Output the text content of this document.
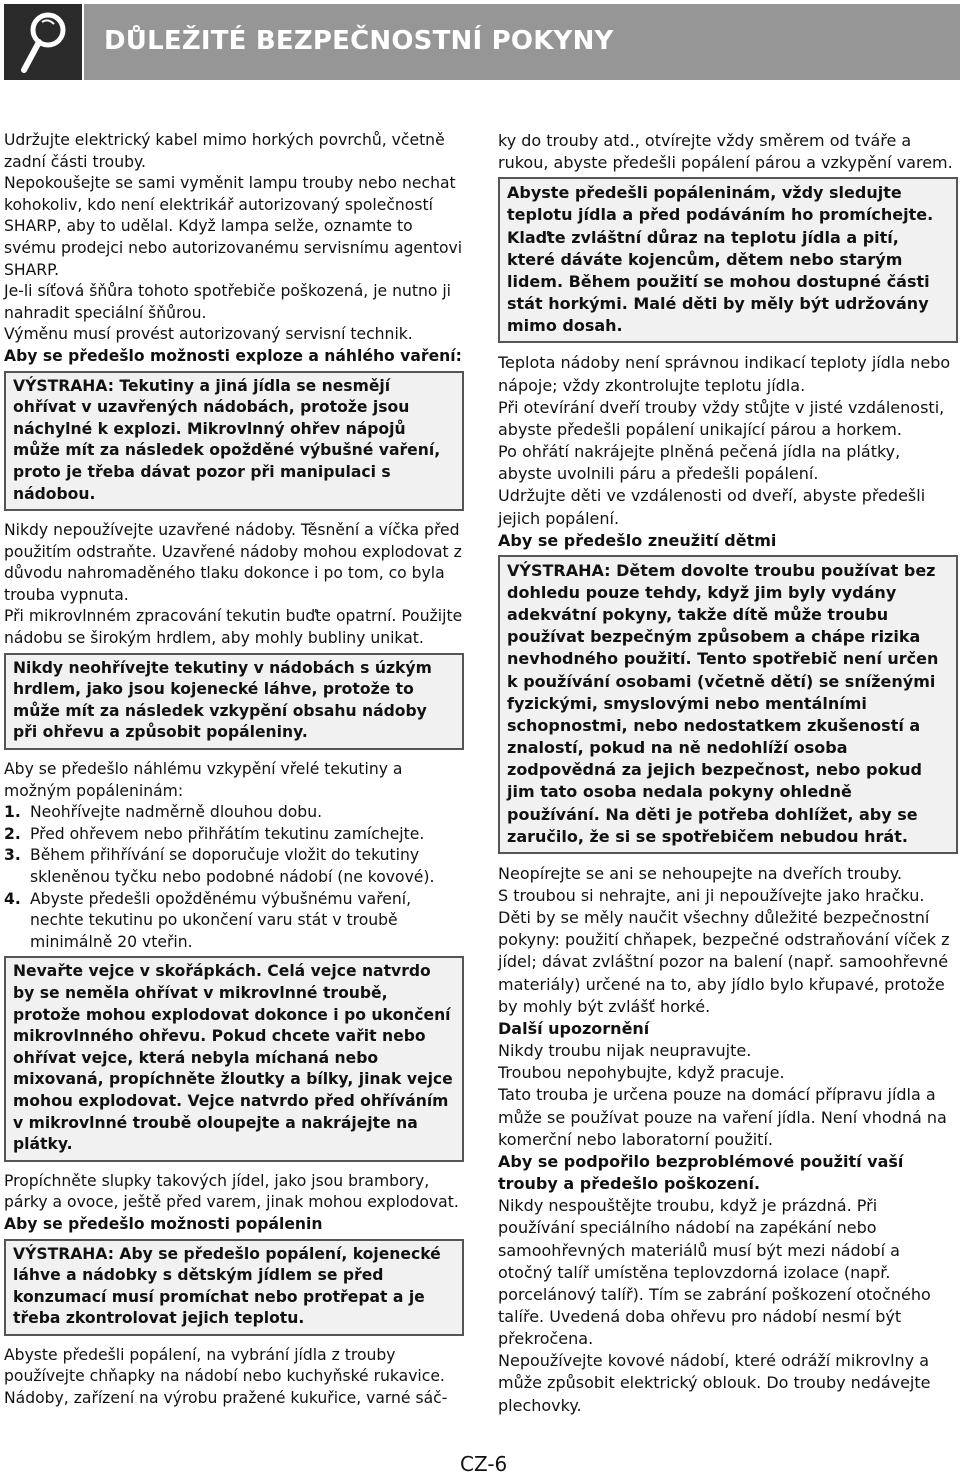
DŮLEŽITÉ BEZPEČNOSTNÍ POKYNY

Udržujte elektrický kabel mimo horkých povrchů, včetně zadní části trouby.

Nepokoušejte se sami vyměnit lampu trouby nebo nechat kohokoliv, kdo není elektrikář autorizovaný společností SHARP, aby to udělal. Když lampa selže, oznamte to svému prodejci nebo autorizovanému servisnímu agentovi SHARP.

Je-li síťová šňůra tohoto spotřebiče poškozená, je nutno ji nahradit speciální šňůrou.

Výměnu musí provést autorizovaný servisní technik.

Aby se předešlo možnosti exploze a náhlého vaření:

VÝSTRAHA: Tekutiny a jiná jídla se nesmějí ohřívat v uzavřených nádobách, protože jsou náchylné k explozi. Mikrovlnný ohřev nápojů může mít za následek opožděné výbušné vaření, proto je třeba dávat pozor při manipulaci s nádobou.

Nikdy nepoužívejte uzavřené nádoby. Těsnění a víčka před použitím odstraňte. Uzavřené nádoby mohou explodovat z důvodu nahromaděného tlaku dokonce i po tom, co byla trouba vypnuta.

Při mikrovlnném zpracování tekutin buďte opatrní. Použijte nádobu se širokým hrdlem, aby mohly bubliny unikat.

Nikdy neohřívejte tekutiny v nádobách s úzkým hrdlem, jako jsou kojenecké láhve, protože to může mít za následek vzkypění obsahu nádoby při ohřevu a způsobit popáleniny.

Aby se předešlo náhlému vzkypění vřelé tekutiny a možným popáleninám:

1. Neohřívejte nadměrně dlouhou dobu.
2. Před ohřevem nebo přihřátím tekutinu zamíchejte.
3. Během přihřívání se doporučuje vložit do tekutiny skleněnou tyčku nebo podobné nádobí (ne kovové).
4. Abyste předešli opožděnému výbušnému vaření, nechte tekutinu po ukončení varu stát v troubě minimálně 20 vteřin.
Nevařte vejce v skořápkách. Celá vejce natvrdo by se neměla ohřívat v mikrovlnné troubě, protože mohou explodovat dokonce i po ukončení mikrovlnného ohřevu. Pokud chcete vařit nebo ohřívat vejce, která nebyla míchaná nebo mixovaná, propíchněte žloutky a bílky, jinak vejce mohou explodovat. Vejce natvrdo před ohříváním v mikrovlnné troubě oloupejte a nakrájejte na plátky.

Propíchněte slupky takových jídel, jako jsou brambory, párky a ovoce, ještě před varem, jinak mohou explodovat.

Aby se předešlo možnosti popálenin

VÝSTRAHA: Aby se předešlo popálení, kojenecké láhve a nádobky s dětským jídlem se před konzumací musí promíchat nebo protřepat a je třeba zkontrolovat jejich teplotu.

Abyste předešli popálení, na vybrání jídla z trouby používejte chňapky na nádobí nebo kuchyňské rukavice. Nádoby, zařízení na výrobu pražené kukuřice, varné sáč-

ky do trouby atd., otvírejte vždy směrem od tváře a rukou, abyste předešli popálení párou a vzkypění varem.

Abyste předešli popáleninám, vždy sledujte teplotu jídla a před podáváním ho promíchejte. Klaďte zvláštní důraz na teplotu jídla a pití, které dáváte kojencům, dětem nebo starým lidem. Během použití se mohou dostupné části stát horkými. Malé děti by měly být udržovány mimo dosah.

Teplota nádoby není správnou indikací teploty jídla nebo nápoje; vždy zkontrolujte teplotu jídla.

Při otevírání dveří trouby vždy stůjte v jisté vzdálenosti, abyste předešli popálení unikající párou a horkem.

Po ohřátí nakrájejte plněná pečená jídla na plátky, abyste uvolnili páru a předešli popálení.

Udržujte děti ve vzdálenosti od dveří, abyste předešli jejich popálení.

Aby se předešlo zneužití dětmi

VÝSTRAHA: Dětem dovolte troubu používat bez dohledu pouze tehdy, když jim byly vydány adekvátní pokyny, takže dítě může troubu používat bezpečným způsobem a chápe rizika nevhodného použití. Tento spotřebič není určen k používání osobami (včetně dětí) se sníženými fyzickými, smyslovými nebo mentálními schopnostmi, nebo nedostatkem zkušeností a znalostí, pokud na ně nedohlíží osoba zodpovědná za jejich bezpečnost, nebo pokud jim tato osoba nedala pokyny ohledně používání. Na děti je potřeba dohlížet, aby se zaručilo, že si se spotřebičem nebudou hrát.

Neopírejte se ani se nehoupejte na dveřích trouby.

S troubou si nehrajte, ani ji nepoužívejte jako hračku.

Děti by se měly naučit všechny důležité bezpečnostní pokyny: použití chňapek, bezpečné odstraňování víček z jídel; dávat zvláštní pozor na balení (např. samoohřevné materiály) určené na to, aby jídlo bylo křupavé, protože by mohly být zvlášť horké.

Další upozornění

Nikdy troubu nijak neupravujte.

Troubou nepohybujte, když pracuje.

Tato trouba je určena pouze na domácí přípravu jídla a může se používat pouze na vaření jídla. Není vhodná na komerční nebo laboratorní použití.

Aby se podpořilo bezproblémové použití vaší trouby a předešlo poškození.

Nikdy nespouštějte troubu, když je prázdná. Při používání speciálního nádobí na zapékání nebo samoohřevných materiálů musí být mezi nádobí a otočný talíř umístěna teplovzdorná izolace (např. porcelánový talíř). Tím se zabrání poškození otočného talíře. Uvedená doba ohřevu pro nádobí nesmí být překročena.

Nepoužívejte kovové nádobí, které odráží mikrovlny a může způsobit elektrický oblouk. Do trouby nedávejte plechovky.

CZ-6
